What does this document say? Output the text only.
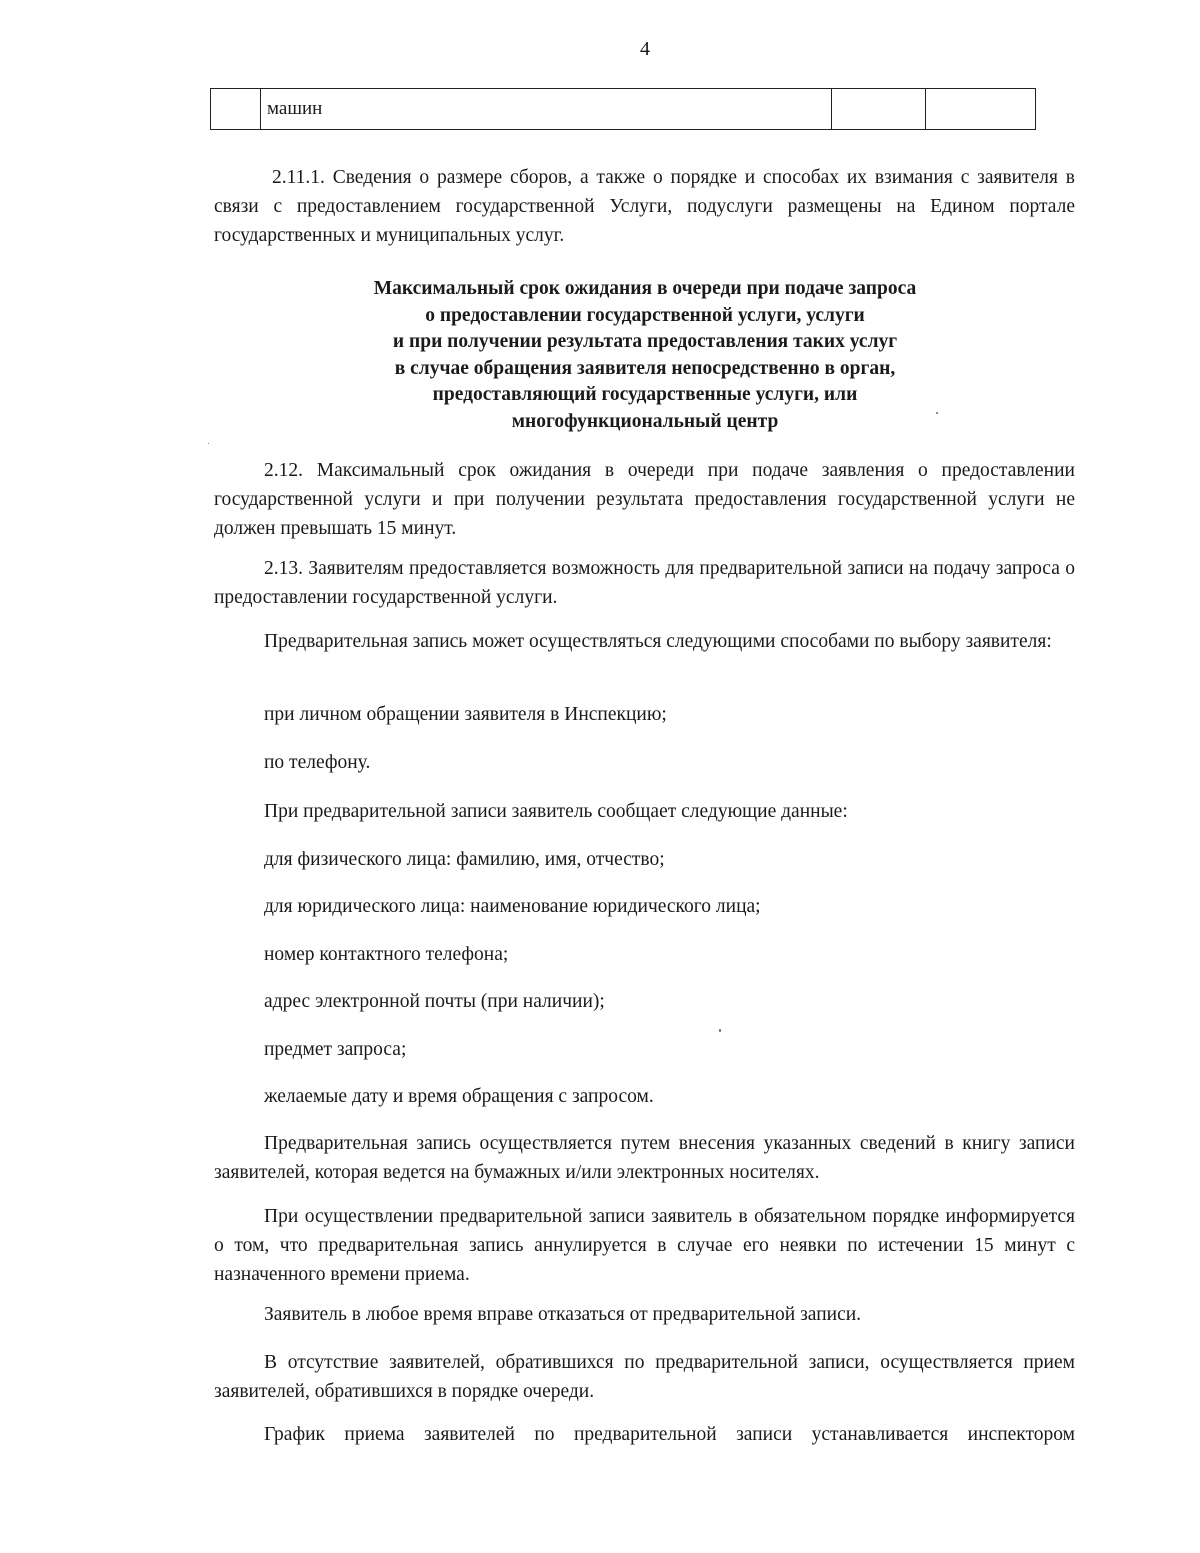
4
	машин		

2.11.1. Сведения о размере сборов, а также о порядке и способах их взимания с заявителя в связи с предоставлением государственной Услуги, подуслуги размещены на Едином портале государственных и муниципальных услуг.

2.12. Максимальный срок ожидания в очереди при подаче заявления о предоставлении государственной услуги и при получении результата предоставления государственной услуги не должен превышать 15 минут.

2.13. Заявителям предоставляется возможность для предварительной записи на подачу запроса о предоставлении государственной услуги.

Предварительная запись может осуществляться следующими способами по выбору заявителя:

при личном обращении заявителя в Инспекцию;

по телефону.

При предварительной записи заявитель сообщает следующие данные:

для физического лица: фамилию, имя, отчество;

для юридического лица: наименование юридического лица;

номер контактного телефона;

адрес электронной почты (при наличии);

предмет запроса;

желаемые дату и время обращения с запросом.

Предварительная запись осуществляется путем внесения указанных сведений в книгу записи заявителей, которая ведется на бумажных и/или электронных носителях.

При осуществлении предварительной записи заявитель в обязательном порядке информируется о том, что предварительная запись аннулируется в случае его неявки по истечении 15 минут с назначенного времени приема.

Заявитель в любое время вправе отказаться от предварительной записи.

В отсутствие заявителей, обратившихся по предварительной записи, осуществляется прием заявителей, обратившихся в порядке очереди.

График приема заявителей по предварительной записи устанавливается инспектором

Максимальный срок ожидания в очереди при подаче запроса
о предоставлении государственной услуги, услуги
и при получении результата предоставления таких услуг
в случае обращения заявителя непосредственно в орган,
предоставляющий государственные услуги, или
многофункциональный центр
